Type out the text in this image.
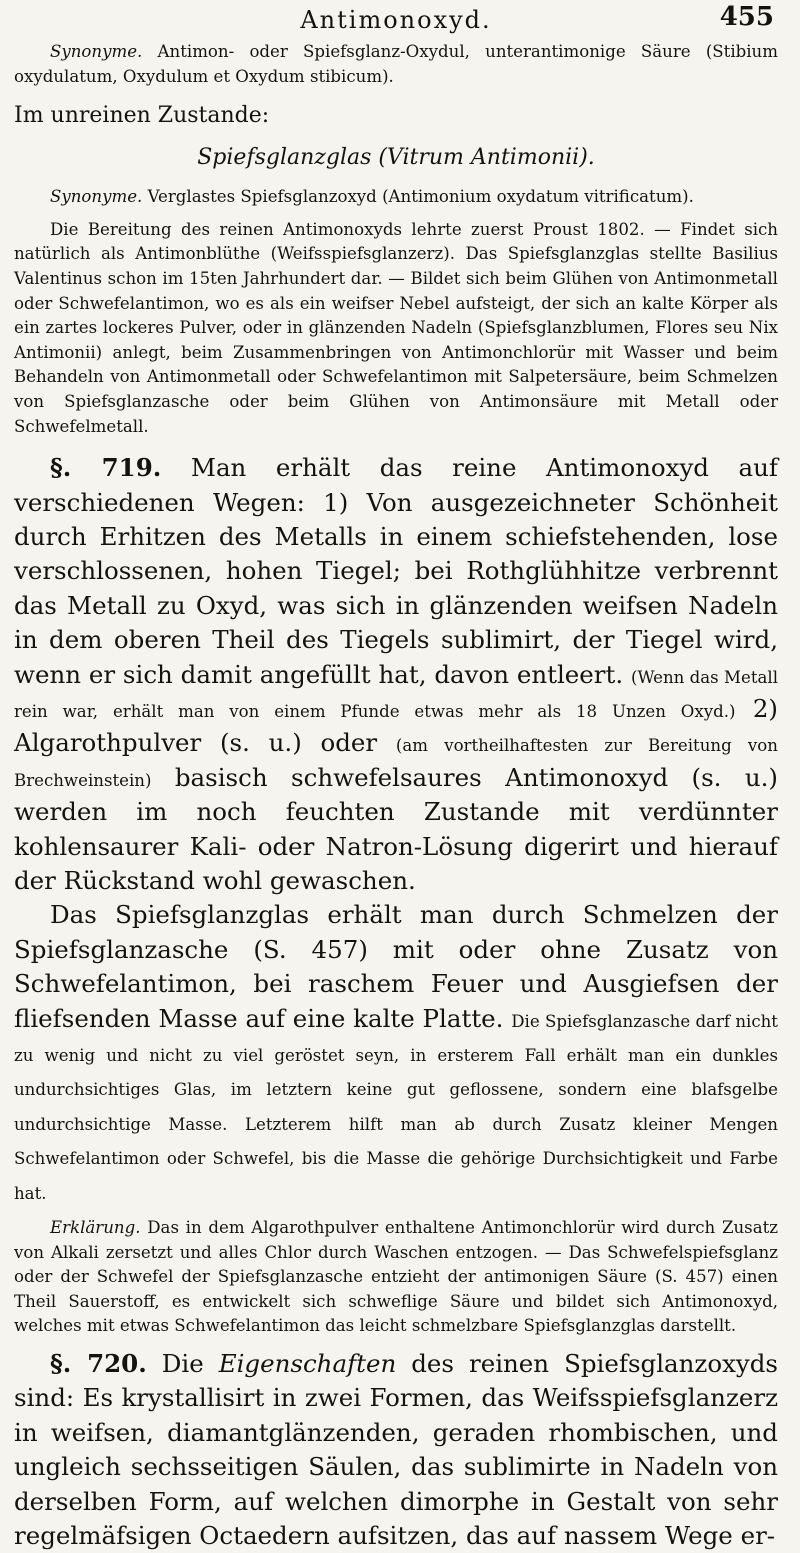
Antimonoxyd.	455

Synonyme. Antimon- oder Spiefsglanz-Oxydul, unterantimonige Säure (Stibium oxydulatum, Oxydulum et Oxydum stibicum).

Im unreinen Zustande:

Spiefsglanzglas (Vitrum Antimonii).

Synonyme. Verglastes Spiefsglanzoxyd (Antimonium oxydatum vitrificatum).

Die Bereitung des reinen Antimonoxyds lehrte zuerst Proust 1802. — Findet sich natürlich als Antimonblüthe (Weifsspiefsglanzerz). Das Spiefsglanzglas stellte Basilius Valentinus schon im 15ten Jahrhundert dar. — Bildet sich beim Glühen von Antimonmetall oder Schwefelantimon, wo es als ein weifser Nebel aufsteigt, der sich an kalte Körper als ein zartes lockeres Pulver, oder in glänzenden Nadeln (Spiefsglanzblumen, Flores seu Nix Antimonii) anlegt, beim Zusammenbringen von Antimonchlorür mit Wasser und beim Behandeln von Antimonmetall oder Schwefelantimon mit Salpetersäure, beim Schmelzen von Spiefsglanzasche oder beim Glühen von Antimonsäure mit Metall oder Schwefelmetall.

§. 719. Man erhält das reine Antimonoxyd auf verschiedenen Wegen: 1) Von ausgezeichneter Schönheit durch Erhitzen des Metalls in einem schiefstehenden, lose verschlossenen, hohen Tiegel; bei Rothglühhitze verbrennt das Metall zu Oxyd, was sich in glänzenden weifsen Nadeln in dem oberen Theil des Tiegels sublimirt, der Tiegel wird, wenn er sich damit angefüllt hat, davon entleert. (Wenn das Metall rein war, erhält man von einem Pfunde etwas mehr als 18 Unzen Oxyd.) 2) Algarothpulver (s. u.) oder (am vortheilhaftesten zur Bereitung von Brechweinstein) basisch schwefelsaures Antimonoxyd (s. u.) werden im noch feuchten Zustande mit verdünnter kohlensaurer Kali- oder Natron-Lösung digerirt und hierauf der Rückstand wohl gewaschen.

Das Spiefsglanzglas erhält man durch Schmelzen der Spiefsglanzasche (S. 457) mit oder ohne Zusatz von Schwefelantimon, bei raschem Feuer und Ausgiefsen der fliefsenden Masse auf eine kalte Platte. Die Spiefsglanzasche darf nicht zu wenig und nicht zu viel geröstet seyn, in ersterem Fall erhält man ein dunkles undurchsichtiges Glas, im letztern keine gut geflossene, sondern eine blafsgelbe undurchsichtige Masse. Letzterem hilft man ab durch Zusatz kleiner Mengen Schwefelantimon oder Schwefel, bis die Masse die gehörige Durchsichtigkeit und Farbe hat.

Erklärung. Das in dem Algarothpulver enthaltene Antimonchlorür wird durch Zusatz von Alkali zersetzt und alles Chlor durch Waschen entzogen. — Das Schwefelspiefsglanz oder der Schwefel der Spiefsglanzasche entzieht der antimonigen Säure (S. 457) einen Theil Sauerstoff, es entwickelt sich schweflige Säure und bildet sich Antimonoxyd, welches mit etwas Schwefelantimon das leicht schmelzbare Spiefsglanzglas darstellt.

§. 720. Die Eigenschaften des reinen Spiefsglanzoxyds sind: Es krystallisirt in zwei Formen, das Weifsspiefsglanzerz in weifsen, diamantglänzenden, geraden rhombischen, und ungleich sechsseitigen Säulen, das sublimirte in Nadeln von derselben Form, auf welchen dimorphe in Gestalt von sehr regelmäfsigen Octaedern aufsitzen, das auf nassem Wege er-
